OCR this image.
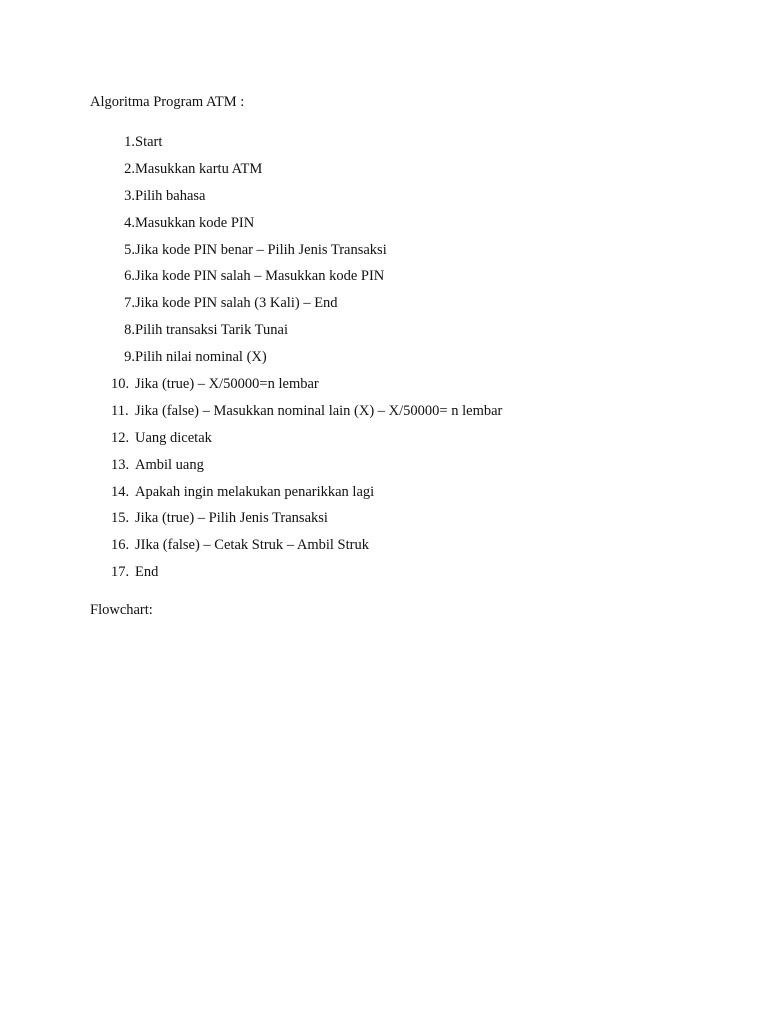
Algoritma Program ATM :
1. Start
2. Masukkan kartu ATM
3. Pilih bahasa
4. Masukkan kode PIN
5. Jika kode PIN benar – Pilih Jenis Transaksi
6. Jika kode PIN salah – Masukkan kode PIN
7. Jika kode PIN salah (3 Kali) – End
8. Pilih transaksi Tarik Tunai
9. Pilih nilai nominal (X)
10. Jika (true) – X/50000=n lembar
11. Jika (false) – Masukkan nominal lain (X) – X/50000= n lembar
12. Uang dicetak
13. Ambil uang
14. Apakah ingin melakukan penarikkan lagi
15. Jika (true) – Pilih Jenis Transaksi
16. JIka (false) – Cetak Struk – Ambil Struk
17. End
Flowchart:
